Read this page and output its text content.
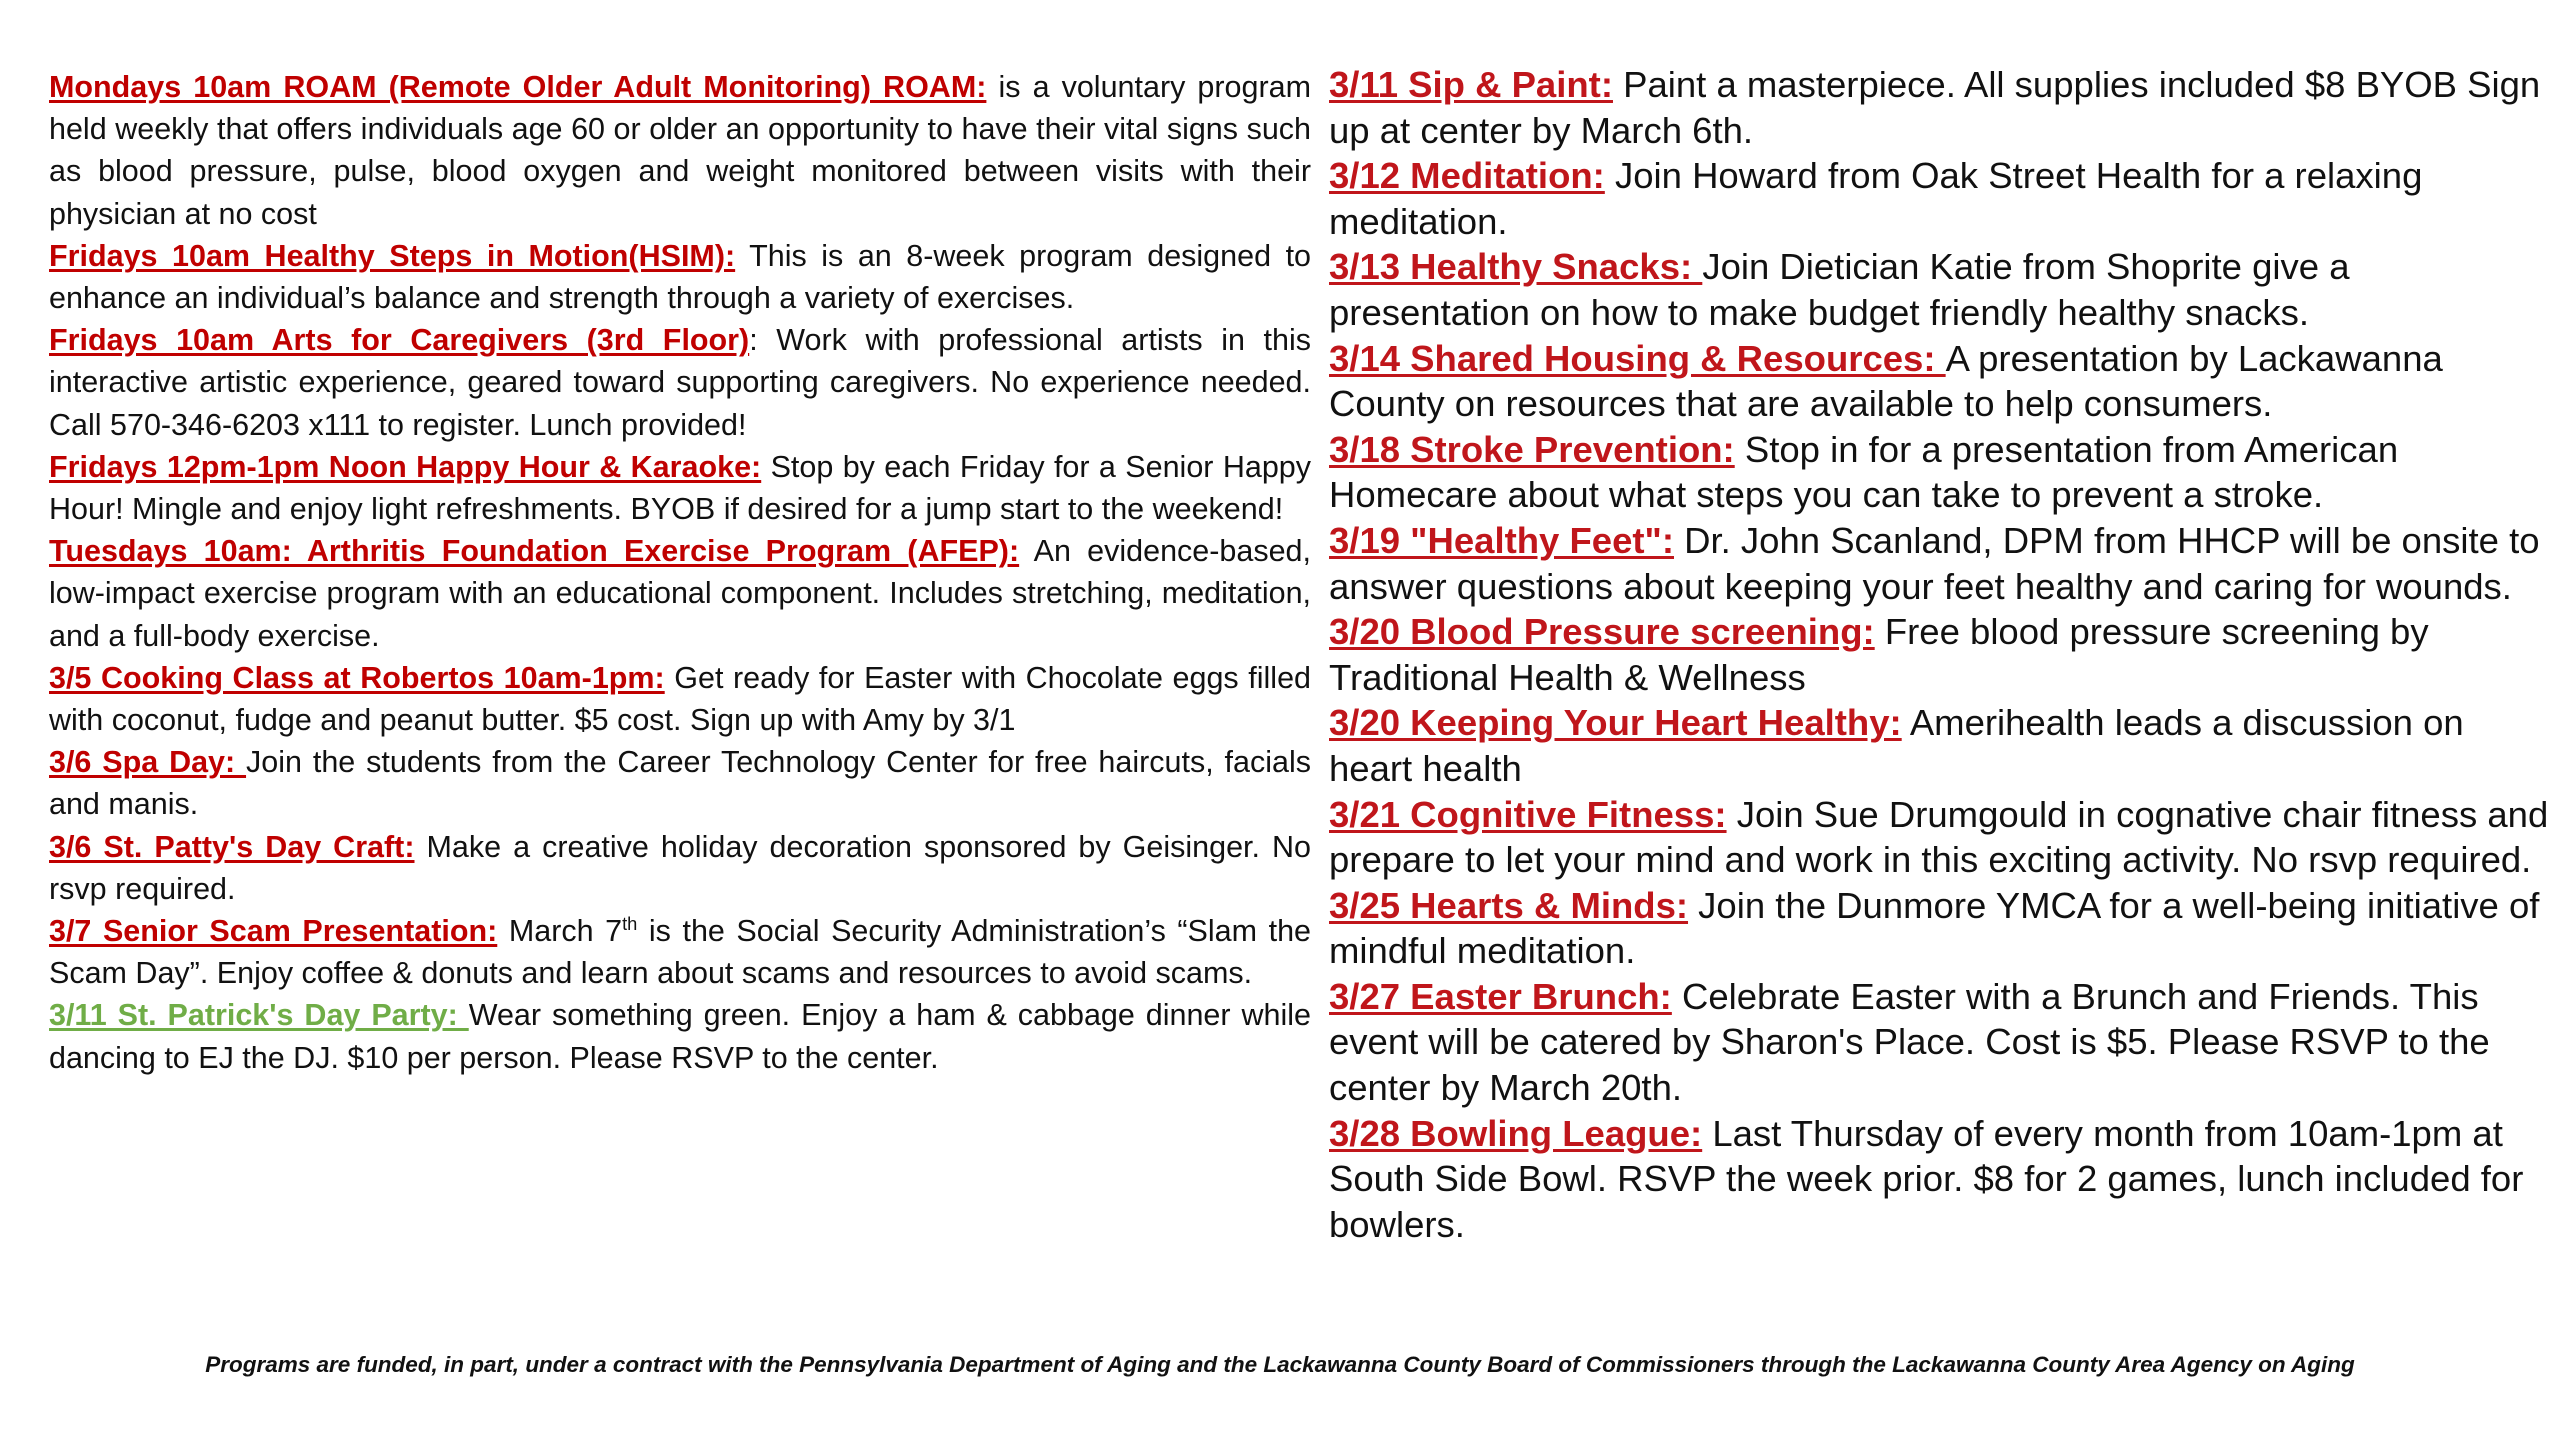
Mondays 10am ROAM (Remote Older Adult Monitoring) ROAM: is a voluntary program held weekly that offers individuals age 60 or older an opportunity to have their vital signs such as blood pressure, pulse, blood oxygen and weight monitored between visits with their physician at no cost

Fridays 10am Healthy Steps in Motion(HSIM): This is an 8-week program designed to enhance an individual’s balance and strength through a variety of exercises.

Fridays 10am Arts for Caregivers (3rd Floor): Work with professional artists in this interactive artistic experience, geared toward supporting caregivers. No experience needed. Call 570-346-6203 x111 to register. Lunch provided!

Fridays 12pm-1pm Noon Happy Hour & Karaoke: Stop by each Friday for a Senior Happy Hour! Mingle and enjoy light refreshments. BYOB if desired for a jump start to the weekend!

Tuesdays 10am: Arthritis Foundation Exercise Program (AFEP): An evidence-based, low-impact exercise program with an educational component. Includes stretching, meditation, and a full-body exercise.

3/5 Cooking Class at Robertos 10am-1pm: Get ready for Easter with Chocolate eggs filled with coconut, fudge and peanut butter. $5 cost. Sign up with Amy by 3/1

3/6 Spa Day: Join the students from the Career Technology Center for free haircuts, facials and manis.

3/6 St. Patty's Day Craft: Make a creative holiday decoration sponsored by Geisinger. No rsvp required.

3/7 Senior Scam Presentation: March 7th is the Social Security Administration’s “Slam the Scam Day”. Enjoy coffee & donuts and learn about scams and resources to avoid scams.

3/11 St. Patrick's Day Party: Wear something green. Enjoy a ham & cabbage dinner while dancing to EJ the DJ. $10 per person. Please RSVP to the center.

3/11 Sip & Paint: Paint a masterpiece. All supplies included $8 BYOB Sign up at center by March 6th.

3/12 Meditation: Join Howard from Oak Street Health for a relaxing meditation.

3/13 Healthy Snacks: Join Dietician Katie from Shoprite give a presentation on how to make budget friendly healthy snacks.

3/14 Shared Housing & Resources: A presentation by Lackawanna County on resources that are available to help consumers.

3/18 Stroke Prevention: Stop in for a presentation from American Homecare about what steps you can take to prevent a stroke.

3/19 "Healthy Feet": Dr. John Scanland, DPM from HHCP will be onsite to answer questions about keeping your feet healthy and caring for wounds.

3/20 Blood Pressure screening: Free blood pressure screening by Traditional Health & Wellness

3/20 Keeping Your Heart Healthy: Amerihealth leads a discussion on heart health

3/21 Cognitive Fitness: Join Sue Drumgould in cognative chair fitness and prepare to let your mind and work in this exciting activity. No rsvp required.

3/25 Hearts & Minds: Join the Dunmore YMCA for a well-being initiative of mindful meditation.

3/27 Easter Brunch: Celebrate Easter with a Brunch and Friends. This event will be catered by Sharon's Place. Cost is $5. Please RSVP to the center by March 20th.

3/28 Bowling League: Last Thursday of every month from 10am-1pm at South Side Bowl. RSVP the week prior. $8 for 2 games, lunch included for bowlers.

Programs are funded, in part, under a contract with the Pennsylvania Department of Aging and the Lackawanna County Board of Commissioners through the Lackawanna County Area Agency on Aging
